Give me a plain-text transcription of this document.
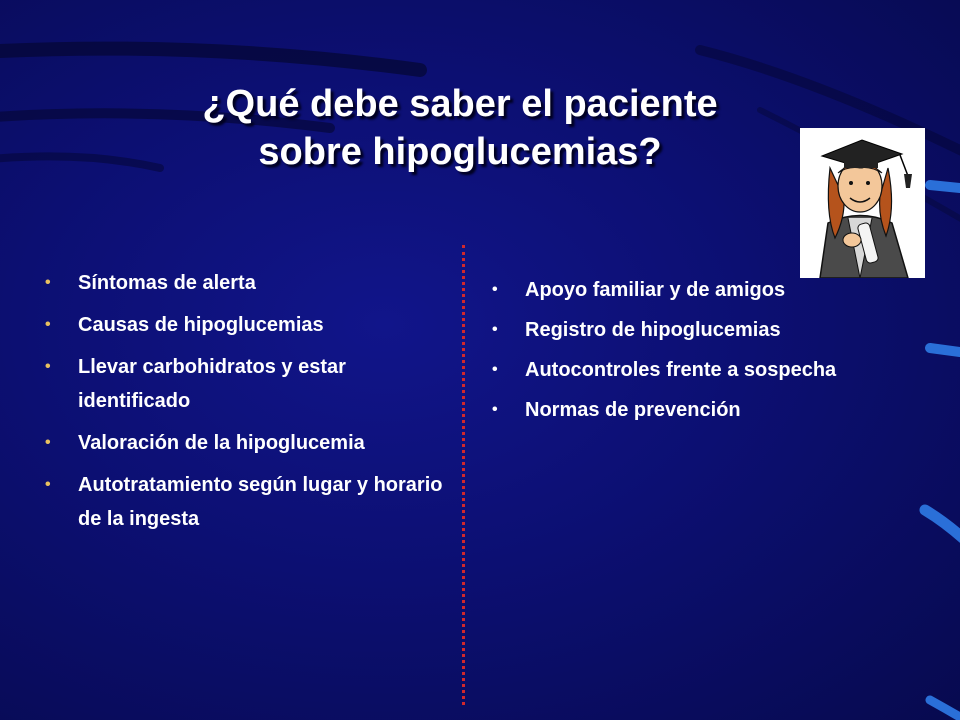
¿Qué debe saber el paciente
sobre hipoglucemias?
• Síntomas de alerta
• Causas de hipoglucemias
• Llevar carbohidratos y estar identificado
• Valoración de la hipoglucemia
• Autotratamiento según lugar y horario de la ingesta
• Apoyo familiar y de amigos
• Registro de hipoglucemias
• Autocontroles frente a sospecha
• Normas de prevención
